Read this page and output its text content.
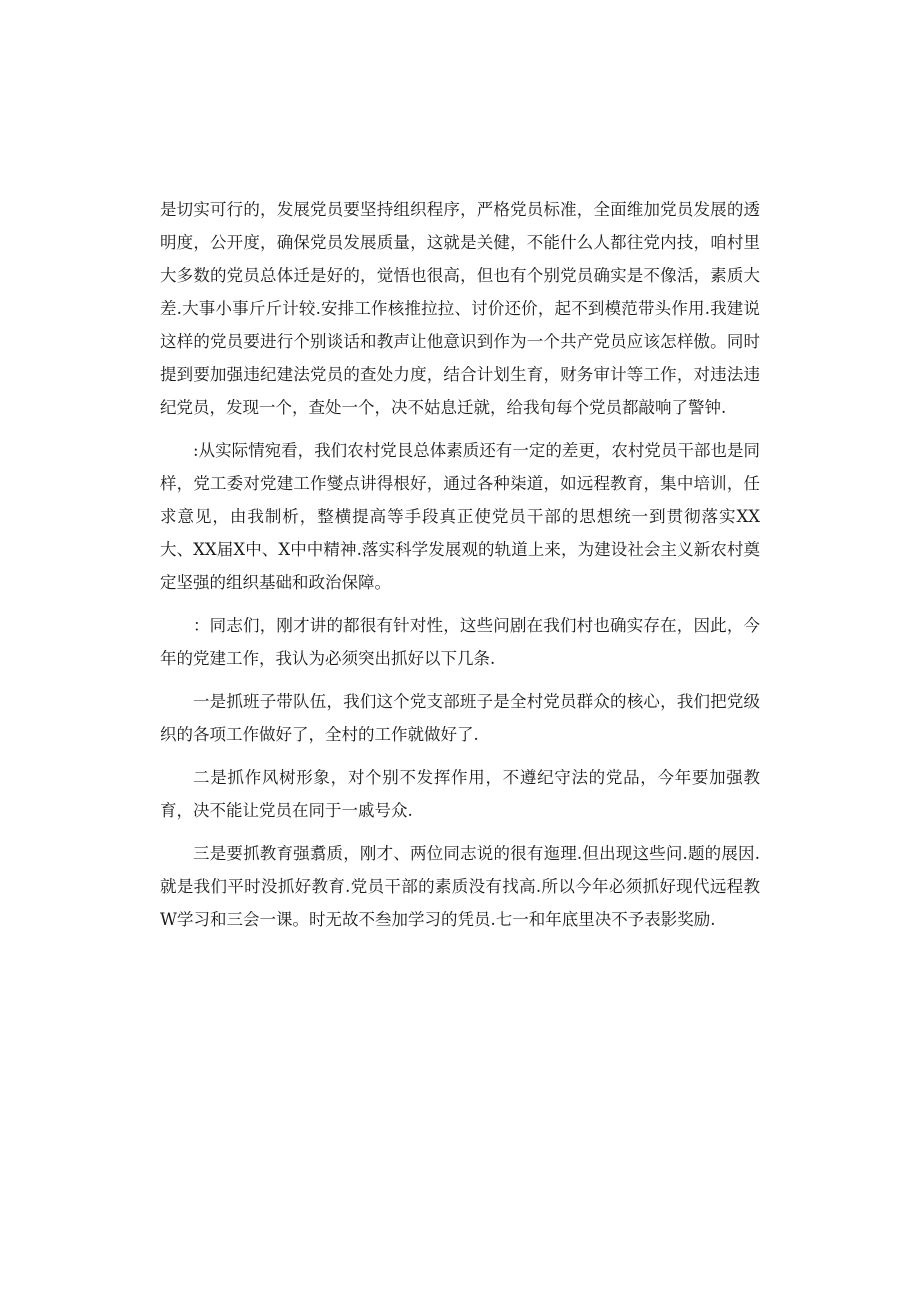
是切实可行的，发展党员要坚持组织程序，严格党员标准，全面维加党员发展的透明度，公开度，确保党员发展质量，这就是关健，不能什么人都往党内技，咱村里大多数的党员总体迁是好的，觉悟也很高，但也有个别党员确实是不像活，素质大差.大事小事斤斤计较.安排工作核推拉拉、讨价还价，起不到模范带头作用.我建说这样的党员要进行个别谈话和教声让他意识到作为一个共产党员应该怎样傲。同时提到要加强违纪建法党员的查处力度，结合计划生育，财务审计等工作，对违法违纪党员，发现一个，查处一个，决不姑息迁就，给我旬每个党员都敲响了警钟.

:从实际情宛看，我们农村党艮总体素质还有一定的差更，农村党员干部也是同样，党工委对党建工作燮点讲得根好，通过各种柒道，如远程教育，集中培训，任求意见，由我制析，整横提高等手段真正使党员干部的思想统一到贯彻落实XX大、XX届X中、X中中精神.落实科学发展观的轨道上来，为建设社会主义新农村奠定坚强的组织基础和政治保障。

：同志们，刚才讲的都很有针对性，这些问剧在我们村也确实存在，因此，今年的党建工作，我认为必须突出抓好以下几条.

一是抓班子带队伍，我们这个党支部班子是全村党员群众的核心，我们把党级织的各项工作做好了，全村的工作就做好了.

二是抓作风树形象，对个别不发挥作用，不遵纪守法的党品，今年要加强教育，决不能让党员在同于一戚号众.

三是要抓教育强翥质，刚才、两位同志说的很有迤理.但出现这些问.题的展因.就是我们平时没抓好教育.党员干部的素质没有找高.所以今年必须抓好现代远程教W学习和三会一课。时无故不叁加学习的凭员.七一和年底里决不予表影奖励.
